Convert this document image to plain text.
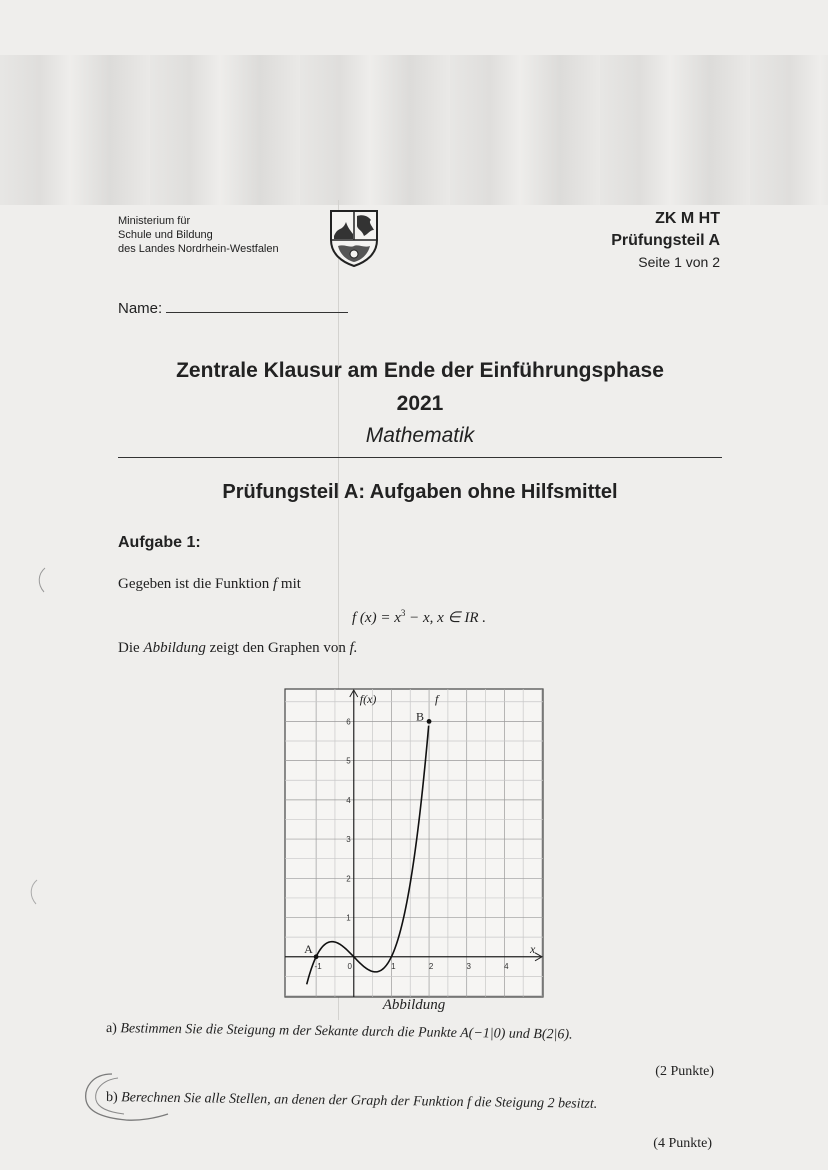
Ministerium für
Schule und Bildung
des Landes Nordrhein-Westfalen
ZK M HT
Prüfungsteil A
Seite 1 von 2
Name:
Zentrale Klausur am Ende der Einführungsphase
2021
Mathematik
Prüfungsteil A: Aufgaben ohne Hilfsmittel
Aufgabe 1:
Gegeben ist die Funktion f mit
f $(x) = x^3 - x$, x ∈ IR .
Die Abbildung zeigt den Graphen von f.
-1	0	1	2	3	4
1
2
3
4
5
6
A
B
f(x)
x
f
Abbildung
a) Bestimmen Sie die Steigung m der Sekante durch die Punkte A(−1|0) und B(2|6).
(2 Punkte)
b) Berechnen Sie alle Stellen, an denen der Graph der Funktion f die Steigung 2 besitzt.
(4 Punkte)
